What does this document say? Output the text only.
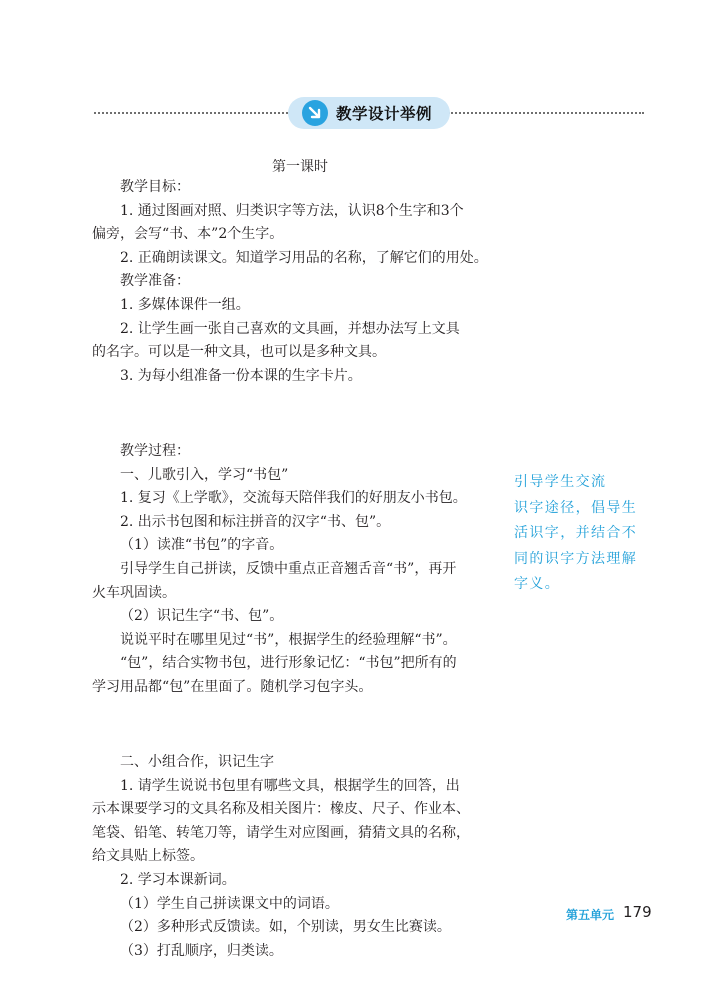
教学设计举例
第一课时

教学目标：

1. 通过图画对照、归类识字等方法，认识8个生字和3个

偏旁，会写“书、本”2个生字。

2. 正确朗读课文。知道学习用品的名称，了解它们的用处。

教学准备：

1. 多媒体课件一组。

2. 让学生画一张自己喜欢的文具画，并想办法写上文具

的名字。可以是一种文具，也可以是多种文具。

3. 为每小组准备一份本课的生字卡片。

教学过程：

一、儿歌引入，学习“书包”

1. 复习《上学歌》，交流每天陪伴我们的好朋友小书包。

2. 出示书包图和标注拼音的汉字“书、包”。

（1）读准“书包”的字音。

引导学生自己拼读，反馈中重点正音翘舌音“书”，再开

火车巩固读。

（2）识记生字“书、包”。

说说平时在哪里见过“书”，根据学生的经验理解“书”。

“包”，结合实物书包，进行形象记忆：“书包”把所有的

学习用品都“包”在里面了。随机学习包字头。

二、小组合作，识记生字

1. 请学生说说书包里有哪些文具，根据学生的回答，出

示本课要学习的文具名称及相关图片：橡皮、尺子、作业本、

笔袋、铅笔、转笔刀等，请学生对应图画，猜猜文具的名称，

给文具贴上标签。

2. 学习本课新词。

（1）学生自己拼读课文中的词语。

（2）多种形式反馈读。如，个别读，男女生比赛读。

（3）打乱顺序，归类读。

引导学生交流
识字途径，倡导生
活识字，并结合不
同的识字方法理解
字义。
第五单元 179
